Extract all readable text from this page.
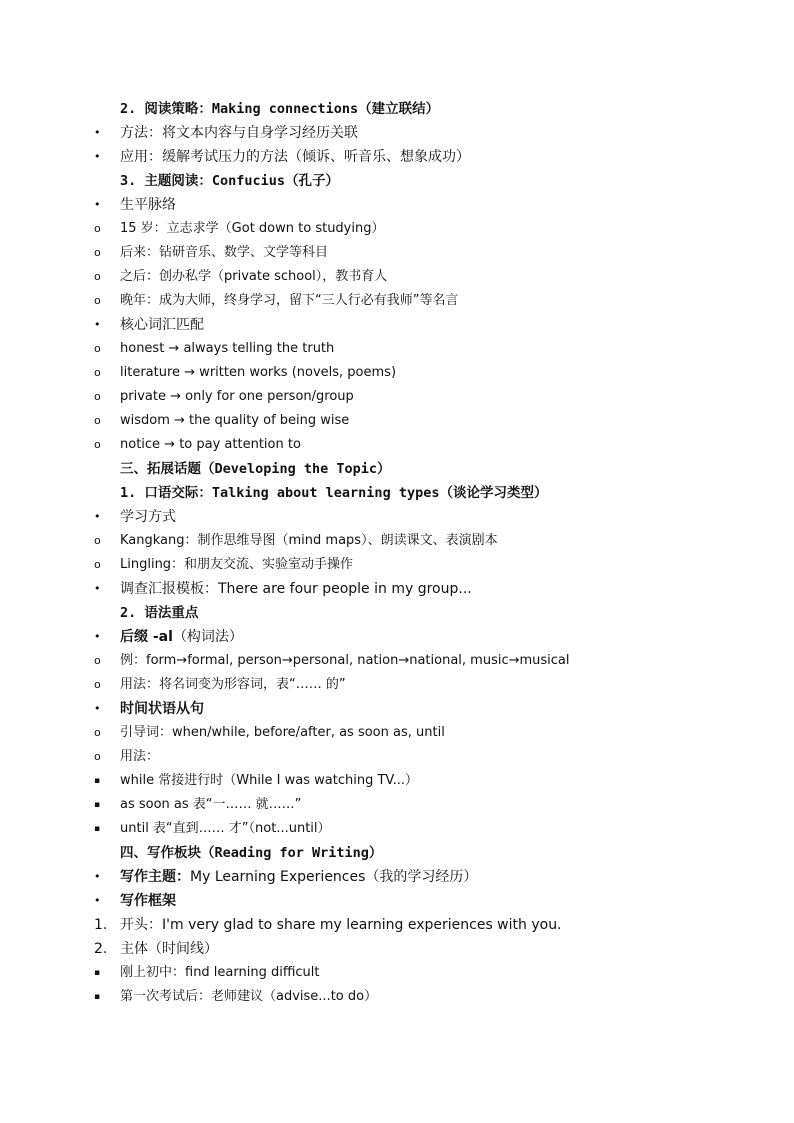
2. 阅读策略：Making connections（建立联结）
•	方法：将文本内容与自身学习经历关联
•	应用：缓解考试压力的方法（倾诉、听音乐、想象成功）
3. 主题阅读：Confucius（孔子）
•	生平脉络
o	15 岁：立志求学（Got down to studying）
o	后来：钻研音乐、数学、文学等科目
o	之后：创办私学（private school），教书育人
o	晚年：成为大师，终身学习，留下“三人行必有我师”等名言
•	核心词汇匹配
o	honest → always telling the truth
o	literature → written works (novels, poems)
o	private → only for one person/group
o	wisdom → the quality of being wise
o	notice → to pay attention to
三、拓展话题（Developing the Topic）
1. 口语交际：Talking about learning types（谈论学习类型）
•	学习方式
o	Kangkang：制作思维导图（mind maps）、朗读课文、表演剧本
o	Lingling：和朋友交流、实验室动手操作
•	调查汇报模板：There are four people in my group...
2. 语法重点
•	后缀 -al（构词法）
o	例：form→formal, person→personal, nation→national, music→musical
o	用法：将名词变为形容词，表“…… 的”
•	时间状语从句
o	引导词：when/while, before/after, as soon as, until
o	用法：
▪	while 常接进行时（While I was watching TV...）
▪	as soon as 表“一…… 就……”
▪	until 表“直到…… 才”（not...until）
四、写作板块（Reading for Writing）
•	写作主题：My Learning Experiences（我的学习经历）
•	写作框架
1. 开头：I'm very glad to share my learning experiences with you.
2. 主体（时间线）
▪	刚上初中：find learning difficult
▪	第一次考试后：老师建议（advise...to do）
